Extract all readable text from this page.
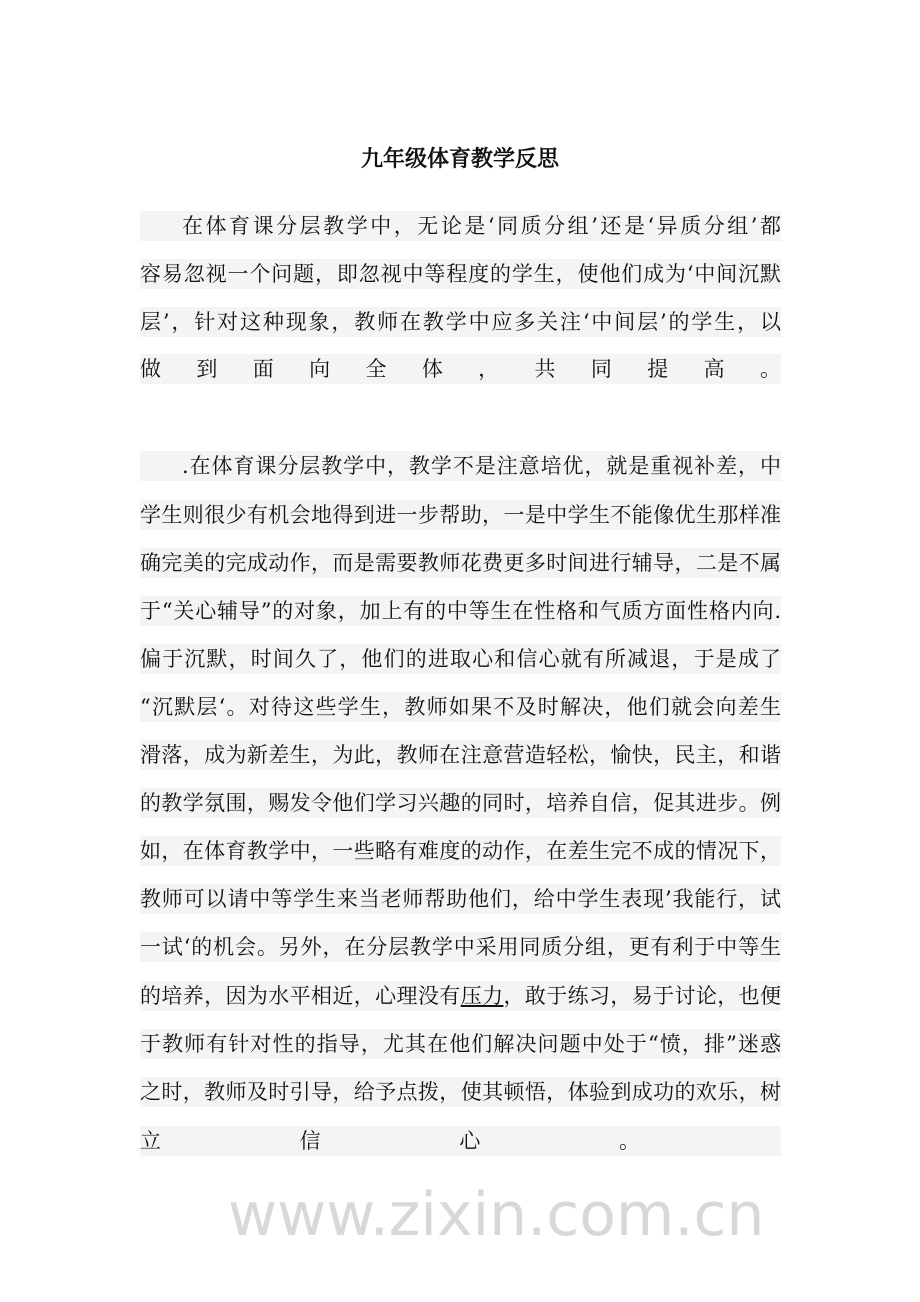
九年级体育教学反思
在体育课分层教学中，无论是‘同质分组’还是‘异质分组’都
容易忽视一个问题，即忽视中等程度的学生，使他们成为‘中间沉默
层’，针对这种现象，教师在教学中应多关注‘中间层’的学生，以
做到面向全体，共同提高。
.在体育课分层教学中，教学不是注意培优，就是重视补差，中
学生则很少有机会地得到进一步帮助，一是中学生不能像优生那样准
确完美的完成动作，而是需要教师花费更多时间进行辅导，二是不属
于“关心辅导”的对象，加上有的中等生在性格和气质方面性格内向.
偏于沉默，时间久了，他们的进取心和信心就有所减退，于是成了
“沉默层‘。对待这些学生，教师如果不及时解决，他们就会向差生
滑落，成为新差生，为此，教师在注意营造轻松，愉快，民主，和谐
的教学氛围，赐发令他们学习兴趣的同时，培养自信，促其进步。例
如，在体育教学中，一些略有难度的动作，在差生完不成的情况下，
教师可以请中等学生来当老师帮助他们，给中学生表现’我能行，试
一试‘的机会。另外，在分层教学中采用同质分组，更有利于中等生
的培养，因为水平相近，心理没有压力，敢于练习，易于讨论，也便
于教师有针对性的指导，尤其在他们解决问题中处于“愤，排”迷惑
之时，教师及时引导，给予点拨，使其顿悟，体验到成功的欢乐，树
立信心。
www.zixin.com.cn
